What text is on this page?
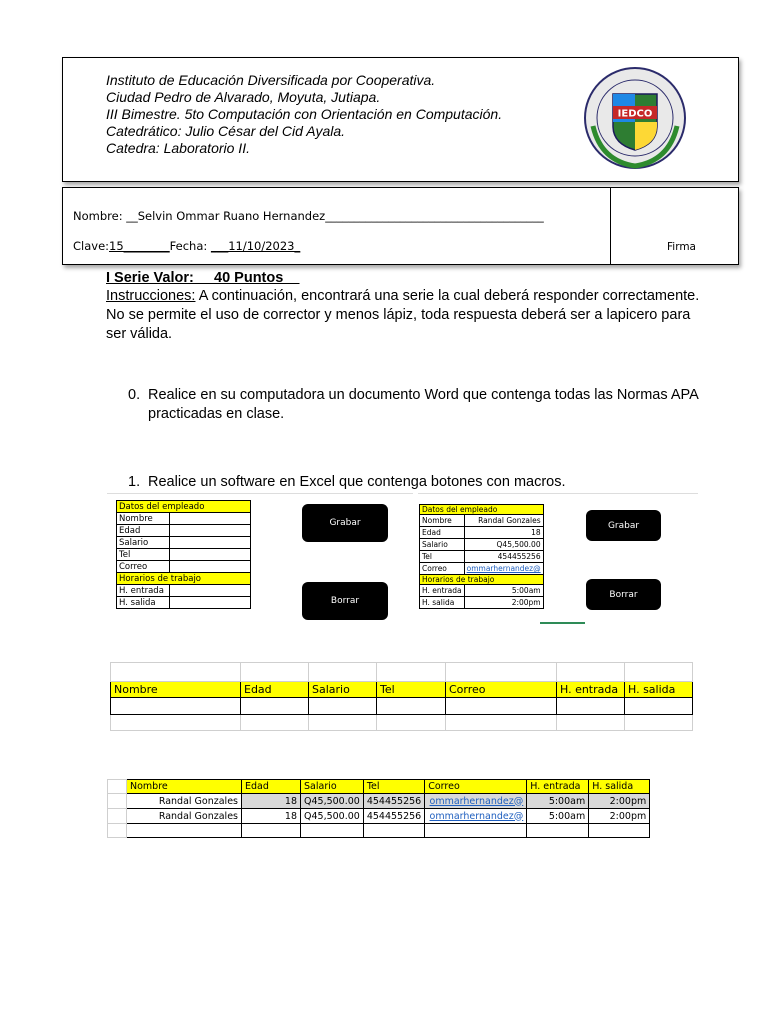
Instituto de Educación Diversificada por Cooperativa.
Ciudad Pedro de Alvarado, Moyuta, Jutiapa.
III Bimestre. 5to Computación con Orientación en Computación.
Catedrático: Julio César del Cid Ayala.
Catedra: Laboratorio II.
IEDCO
Nombre: __Selvin Ommar Ruano Hernandez______________________________________
Clave:15________Fecha: ___11/10/2023_	Firma
I Serie Valor: __40 Puntos__
Instrucciones: A continuación, encontrará una serie la cual deberá responder correctamente. No se permite el uso de corrector y menos lápiz, toda respuesta deberá ser a lapicero para ser válida.
0. Realice en su computadora un documento Word que contenga todas las Normas APA practicadas en clase.
1. Realice un software en Excel que contenga botones con macros.
Datos del empleado	
Nombre	
Edad	
Salario	
Tel	
Correo	
Horarios de trabajo	
H. entrada	
H. salida	
Grabar
Borrar
Datos del empleado	
Nombre	Randal Gonzales
Edad	18
Salario	Q45,500.00
Tel	454455256
Correo	ommarhernandez@
Horarios de trabajo	
H. entrada	5:00am
H. salida	2:00pm
Grabar
Borrar

Nombre	Edad	Salario	Tel	Correo	H. entrada	H. salida

	Nombre	Edad	Salario	Tel	Correo	H. entrada	H. salida
	Randal Gonzales	18	Q45,500.00	454455256	ommarhernandez@	5:00am	2:00pm
	Randal Gonzales	18	Q45,500.00	454455256	ommarhernandez@	5:00am	2:00pm
